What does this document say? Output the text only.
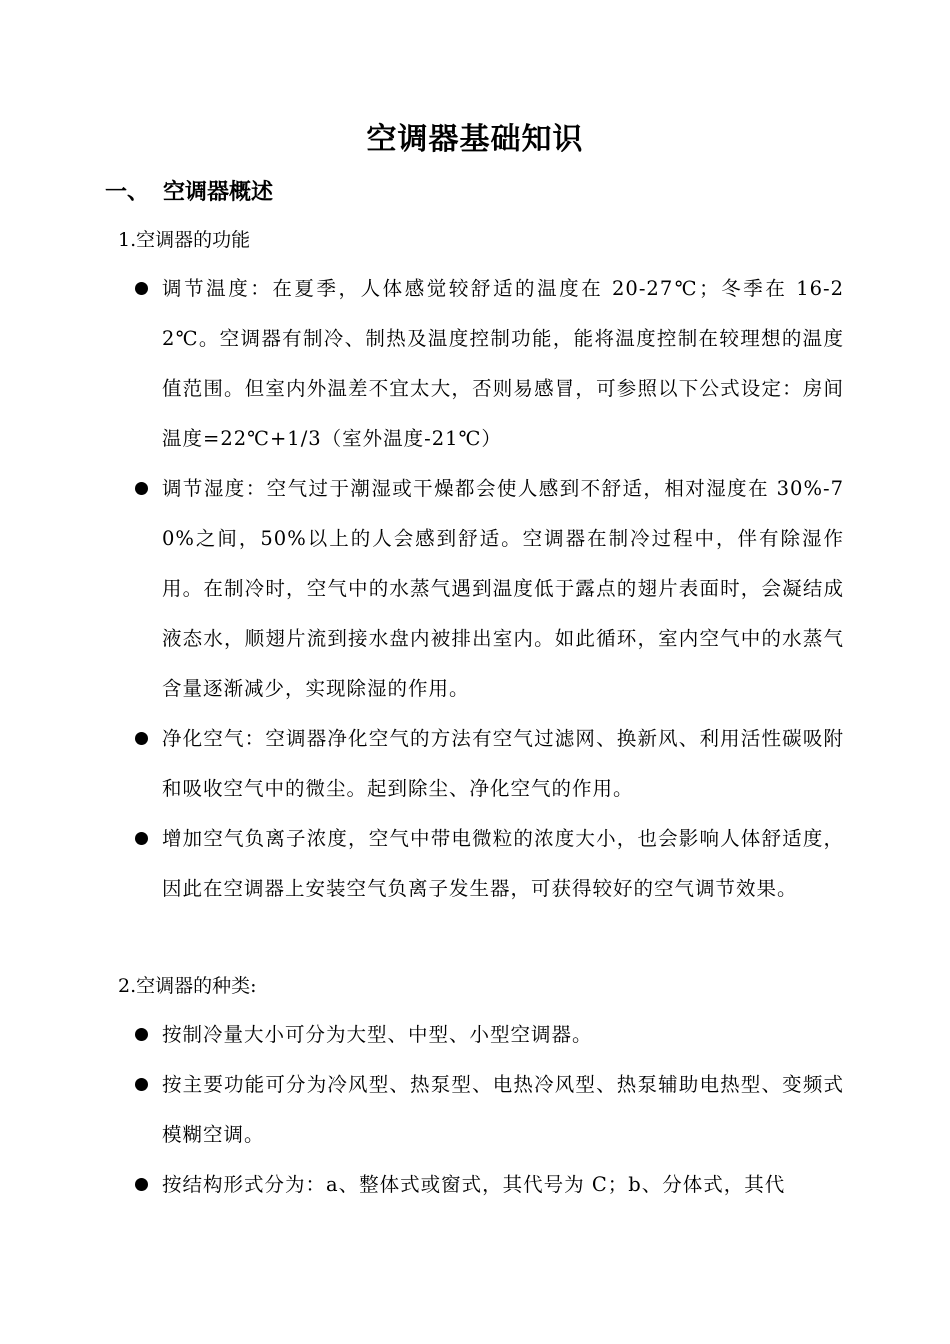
空调器基础知识
一、 空调器概述
1.空调器的功能
调节温度：在夏季，人体感觉较舒适的温度在 20-27℃；冬季在 16-22℃。空调器有制冷、制热及温度控制功能，能将温度控制在较理想的温度值范围。但室内外温差不宜太大，否则易感冒，可参照以下公式设定：房间温度=22℃+1/3（室外温度-21℃）
调节湿度：空气过于潮湿或干燥都会使人感到不舒适，相对湿度在 30%-70%之间，50%以上的人会感到舒适。空调器在制冷过程中，伴有除湿作用。在制冷时，空气中的水蒸气遇到温度低于露点的翅片表面时，会凝结成液态水，顺翅片流到接水盘内被排出室内。如此循环，室内空气中的水蒸气含量逐渐减少，实现除湿的作用。
净化空气：空调器净化空气的方法有空气过滤网、换新风、利用活性碳吸附和吸收空气中的微尘。起到除尘、净化空气的作用。
增加空气负离子浓度，空气中带电微粒的浓度大小，也会影响人体舒适度，因此在空调器上安装空气负离子发生器，可获得较好的空气调节效果。
2.空调器的种类:
按制冷量大小可分为大型、中型、小型空调器。
按主要功能可分为冷风型、热泵型、电热冷风型、热泵辅助电热型、变频式模糊空调。
按结构形式分为：a、整体式或窗式，其代号为 C；b、分体式，其代
